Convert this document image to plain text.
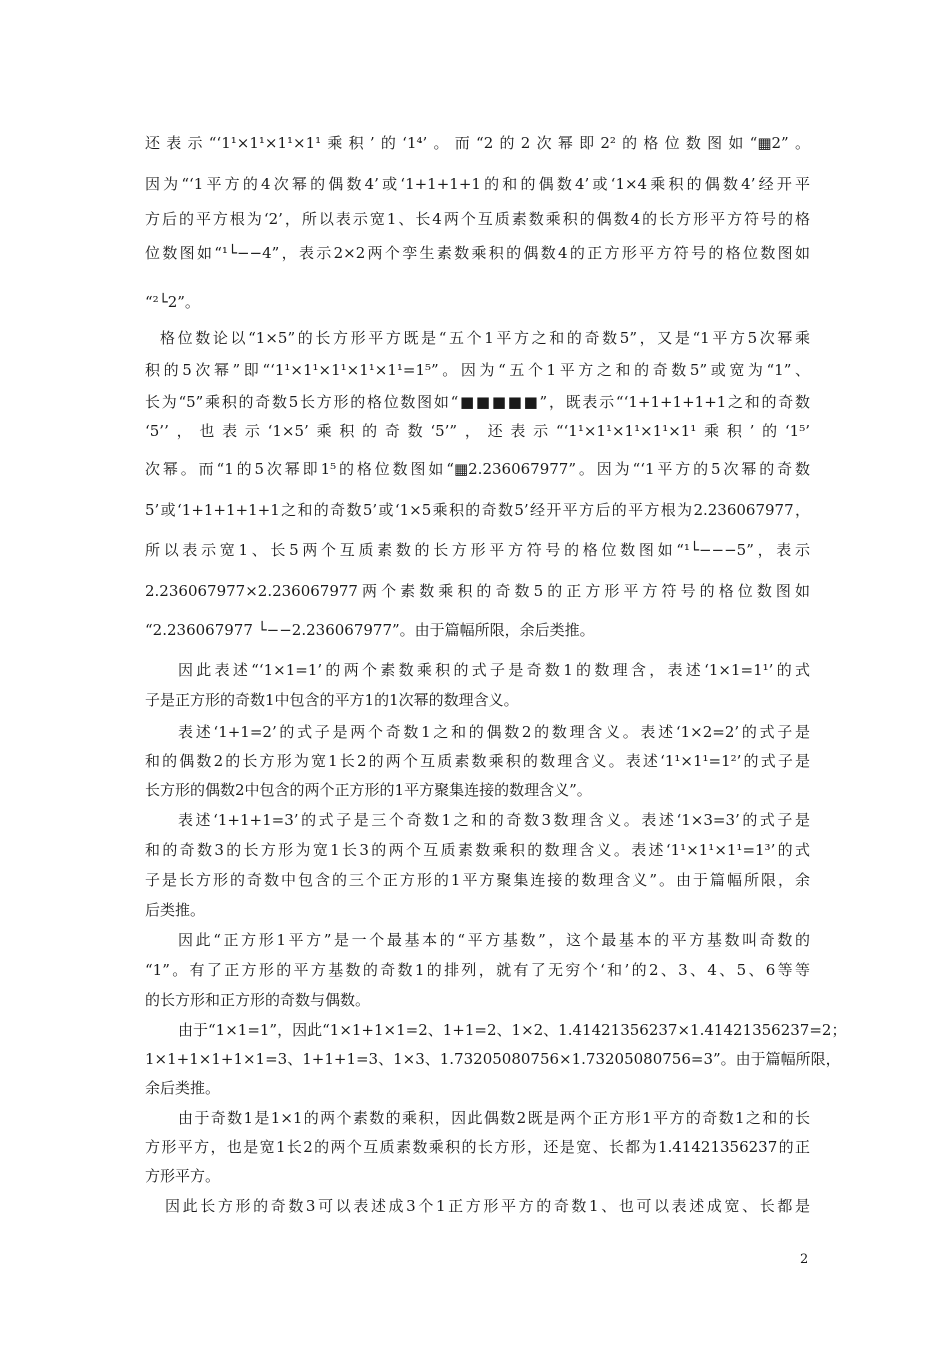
还表示“‘1¹×1¹×1¹×1¹乘积’的‘1⁴’。而“2的2次幂即2²的格位数图如“▦2”。
因为“‘1平方的4次幂的偶数4’或‘1+1+1+1的和的偶数4’或‘1×4乘积的偶数4’经开平
方后的平方根为‘2’，所以表示宽1、长4两个互质素数乘积的偶数4的长方形平方符号的格
位数图如“¹└−−4”，表示2×2两个孪生素数乘积的偶数4的正方形平方符号的格位数图如
“²└2”。
格位数论以“1×5”的长方形平方既是“五个1平方之和的奇数5”，又是“1平方5次幂乘
积的5次幂”即“‘1¹×1¹×1¹×1¹×1¹=1⁵”。因为“五个1平方之和的奇数5”或宽为“1”、
长为“5”乘积的奇数5长方形的格位数图如“■■■■■”，既表示“‘1+1+1+1+1之和的奇数
‘5’’，也表示‘1×5’乘积的奇数‘5’”，还表示“‘1¹×1¹×1¹×1¹×1¹乘积’的‘1⁵’
次幂。而“1的5次幂即1⁵的格位数图如“▦2.236067977”。因为“‘1平方的5次幂的奇数
5’或‘1+1+1+1+1之和的奇数5’或‘1×5乘积的奇数5’经开平方后的平方根为2.236067977，
所以表示宽1、长5两个互质素数的长方形平方符号的格位数图如“¹└−−−5”，表示
2.236067977×2.236067977两个素数乘积的奇数5的正方形平方符号的格位数图如
“2.236067977 └−−2.236067977”。由于篇幅所限，余后类推。
因此表述“‘1×1=1’的两个素数乘积的式子是奇数1的数理含，表述‘1×1=1¹’的式
子是正方形的奇数1中包含的平方1的1次幂的数理含义。
表述‘1+1=2’的式子是两个奇数1之和的偶数2的数理含义。表述‘1×2=2’的式子是
和的偶数2的长方形为宽1长2的两个互质素数乘积的数理含义。表述‘1¹×1¹=1²’的式子是
长方形的偶数2中包含的两个正方形的1平方聚集连接的数理含义”。
表述‘1+1+1=3’的式子是三个奇数1之和的奇数3数理含义。表述‘1×3=3’的式子是
和的奇数3的长方形为宽1长3的两个互质素数乘积的数理含义。表述‘1¹×1¹×1¹=1³’的式
子是长方形的奇数中包含的三个正方形的1平方聚集连接的数理含义”。由于篇幅所限，余
后类推。
因此“正方形1平方”是一个最基本的“平方基数”，这个最基本的平方基数叫奇数的
“1”。有了正方形的平方基数的奇数1的排列，就有了无穷个‘和’的2、3、4、5、6等等
的长方形和正方形的奇数与偶数。
由于“1×1=1”，因此“1×1+1×1=2、1+1=2、1×2、1.41421356237×1.41421356237=2；
1×1+1×1+1×1=3、1+1+1=3、1×3、1.73205080756×1.73205080756=3”。由于篇幅所限，
余后类推。
由于奇数1是1×1的两个素数的乘积，因此偶数2既是两个正方形1平方的奇数1之和的长
方形平方，也是宽1长2的两个互质素数乘积的长方形，还是宽、长都为1.41421356237的正
方形平方。
因此长方形的奇数3可以表述成3个1正方形平方的奇数1、也可以表述成宽、长都是
2
